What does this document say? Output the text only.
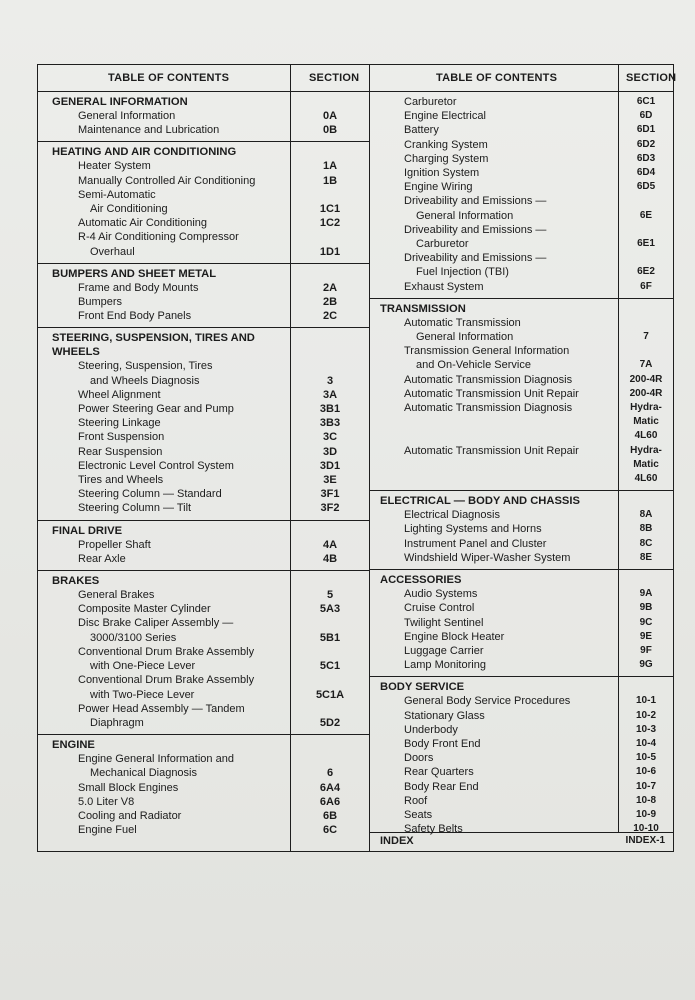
TABLE OF CONTENTS	SECTION
GENERAL INFORMATION
General Information	0A
Maintenance and Lubrication	0B
HEATING AND AIR CONDITIONING
Heater System	1A
Manually Controlled Air Conditioning	1B
Semi-Automatic
Air Conditioning	1C1
Automatic Air Conditioning	1C2
R-4 Air Conditioning Compressor
Overhaul	1D1
BUMPERS AND SHEET METAL
Frame and Body Mounts	2A
Bumpers	2B
Front End Body Panels	2C
STEERING, SUSPENSION, TIRES AND
WHEELS
Steering, Suspension, Tires
and Wheels Diagnosis	3
Wheel Alignment	3A
Power Steering Gear and Pump	3B1
Steering Linkage	3B3
Front Suspension	3C
Rear Suspension	3D
Electronic Level Control System	3D1
Tires and Wheels	3E
Steering Column — Standard	3F1
Steering Column — Tilt	3F2
FINAL DRIVE
Propeller Shaft	4A
Rear Axle	4B
BRAKES
General Brakes	5
Composite Master Cylinder	5A3
Disc Brake Caliper Assembly —
3000/3100 Series	5B1
Conventional Drum Brake Assembly
with One-Piece Lever	5C1
Conventional Drum Brake Assembly
with Two-Piece Lever	5C1A
Power Head Assembly — Tandem
Diaphragm	5D2
ENGINE
Engine General Information and
Mechanical Diagnosis	6
Small Block Engines	6A4
5.0 Liter V8	6A6
Cooling and Radiator	6B
Engine Fuel	6C
TABLE OF CONTENTS	SECTION
Carburetor	6C1
Engine Electrical	6D
Battery	6D1
Cranking System	6D2
Charging System	6D3
Ignition System	6D4
Engine Wiring	6D5
Driveability and Emissions —
General Information	6E
Driveability and Emissions —
Carburetor	6E1
Driveability and Emissions —
Fuel Injection (TBI)	6E2
Exhaust System	6F
TRANSMISSION
Automatic Transmission
General Information	7
Transmission General Information
and On-Vehicle Service	7A
Automatic Transmission Diagnosis	200-4R
Automatic Transmission Unit Repair	200-4R
Automatic Transmission Diagnosis	Hydra-

Matic

4L60
Automatic Transmission Unit Repair	Hydra-

Matic

4L60
ELECTRICAL — BODY AND CHASSIS
Electrical Diagnosis	8A
Lighting Systems and Horns	8B
Instrument Panel and Cluster	8C
Windshield Wiper-Washer System	8E
ACCESSORIES
Audio Systems	9A
Cruise Control	9B
Twilight Sentinel	9C
Engine Block Heater	9E
Luggage Carrier	9F
Lamp Monitoring	9G
BODY SERVICE
General Body Service Procedures	10-1
Stationary Glass	10-2
Underbody	10-3
Body Front End	10-4
Doors	10-5
Rear Quarters	10-6
Body Rear End	10-7
Roof	10-8
Seats	10-9
Safety Belts	10-10
INDEX	INDEX-1
